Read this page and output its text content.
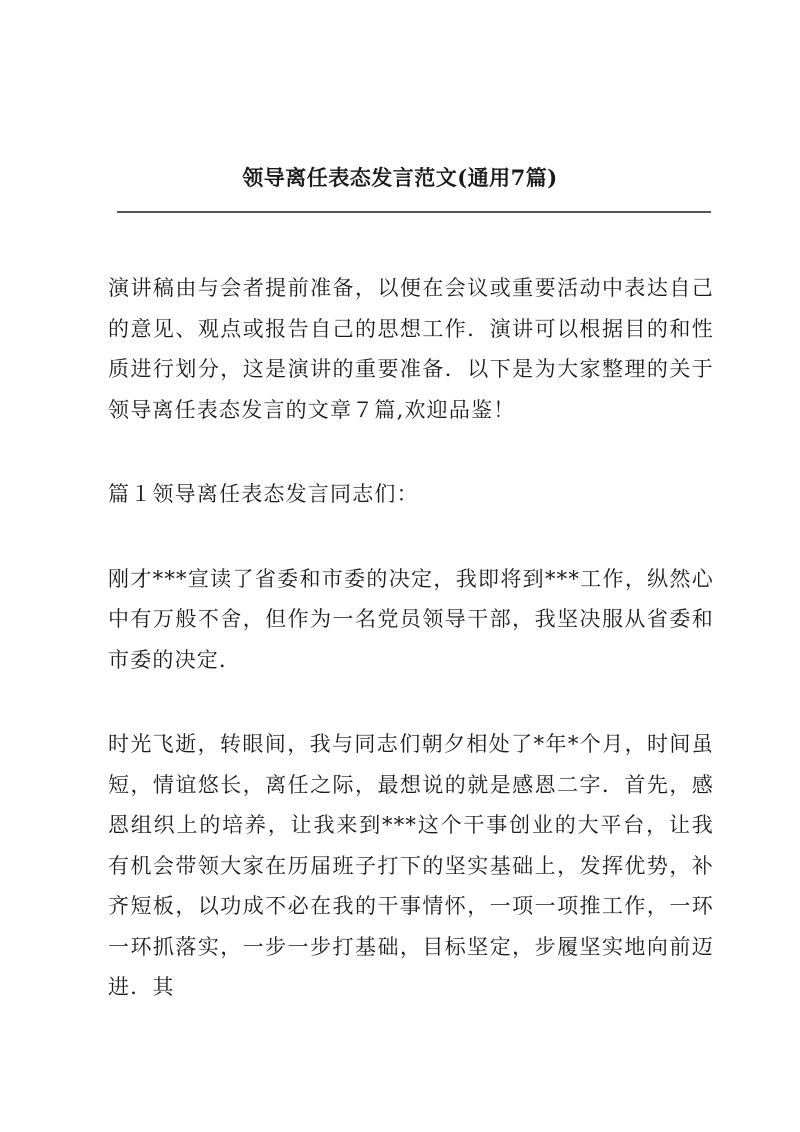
领导离任表态发言范文(通用7篇)

演讲稿由与会者提前准备，以便在会议或重要活动中表达自己的意见、观点或报告自己的思想工作．演讲可以根据目的和性质进行划分，这是演讲的重要准备．以下是为大家整理的关于领导离任表态发言的文章７篇,欢迎品鉴！

篇１领导离任表态发言同志们：

刚才***宣读了省委和市委的决定，我即将到***工作，纵然心中有万般不舍，但作为一名党员领导干部，我坚决服从省委和市委的决定．

时光飞逝，转眼间，我与同志们朝夕相处了*年*个月，时间虽短，情谊悠长，离任之际，最想说的就是感恩二字．首先，感恩组织上的培养，让我来到***这个干事创业的大平台，让我有机会带领大家在历届班子打下的坚实基础上，发挥优势，补齐短板，以功成不必在我的干事情怀，一项一项推工作，一环一环抓落实，一步一步打基础，目标坚定，步履坚实地向前迈进．其
